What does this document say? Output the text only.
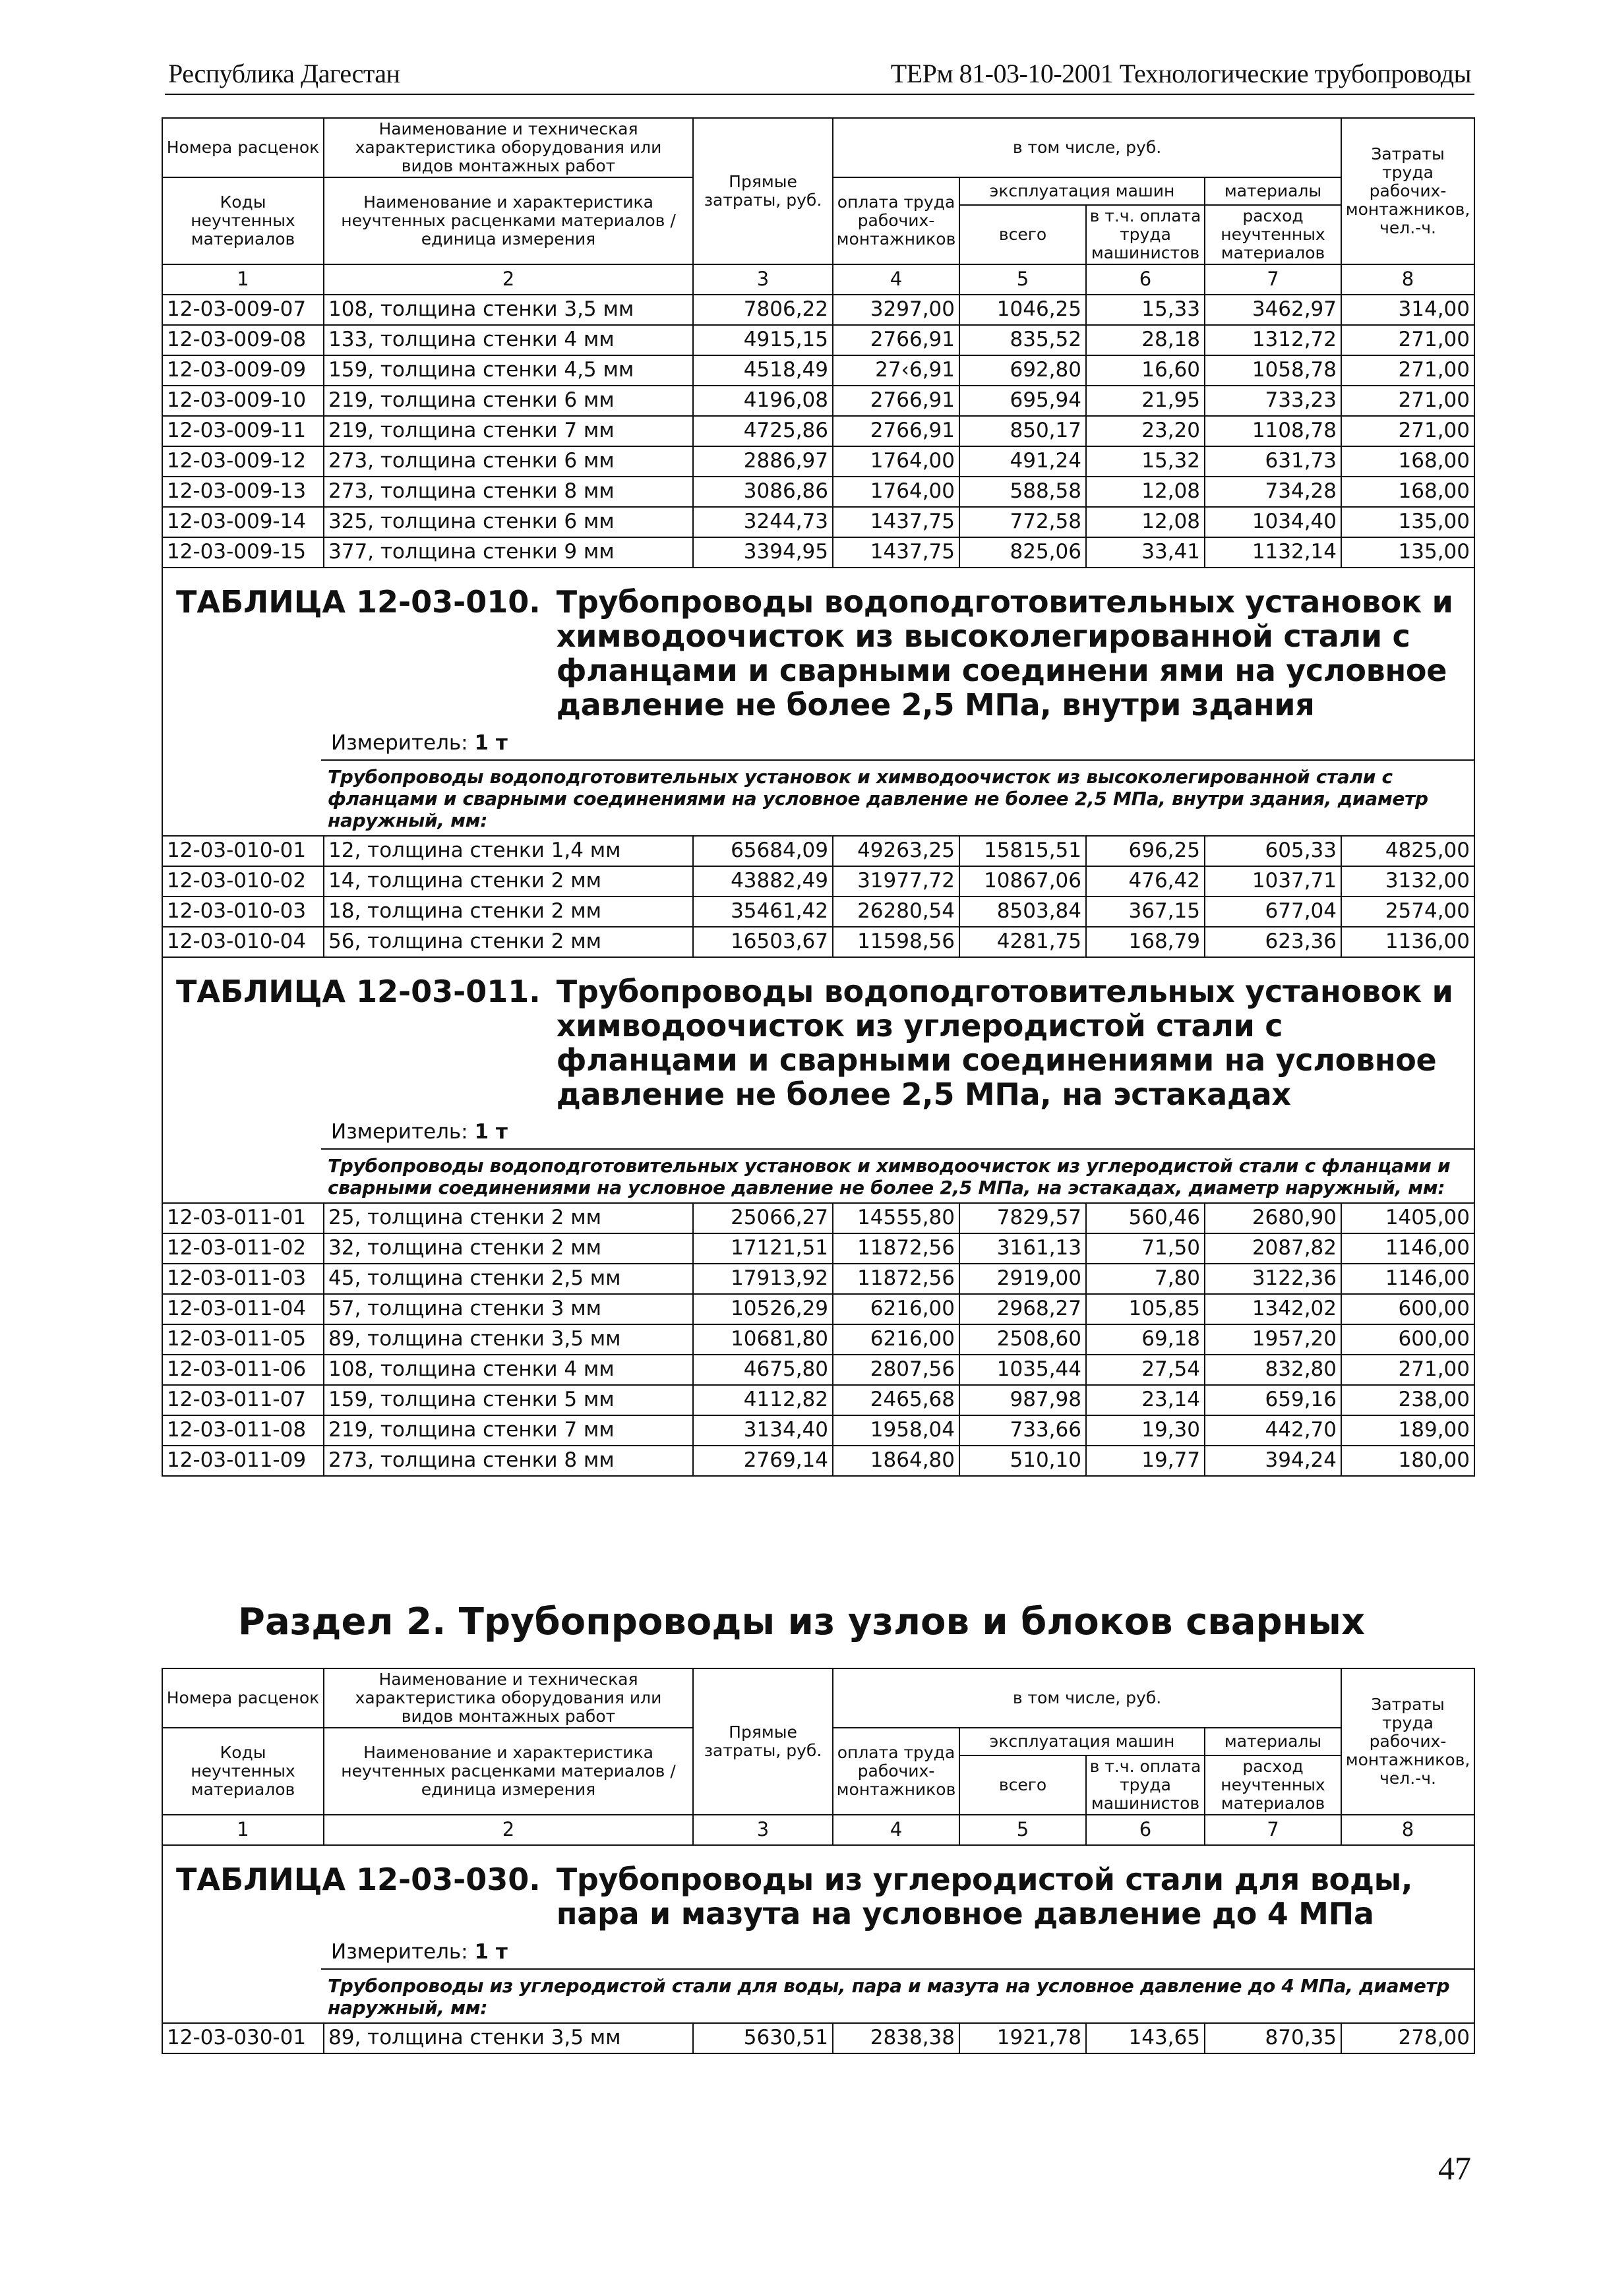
Республика Дагестан	ТЕРм 81-03-10-2001 Технологические трубопроводы
Номера расценок	Наименование и техническая характеристика оборудования или видов монтажных работ	Прямые затраты, руб.	в том числе, руб.				Затраты труда рабочих-монтажников, чел.-ч.
Коды неучтенных материалов	Наименование и характеристика неучтенных расценками материалов / единица измерения		оплата труда рабочих-монтажников	эксплуатация машин		материалы	
				всего	в т.ч. оплата труда машинистов	расход неучтенных материалов	
1	2	3	4	5	6	7	8
12-03-009-07	108, толщина стенки 3,5 мм	7806,22	3297,00	1046,25	15,33	3462,97	314,00
12-03-009-08	133, толщина стенки 4 мм	4915,15	2766,91	835,52	28,18	1312,72	271,00
12-03-009-09	159, толщина стенки 4,5 мм	4518,49	27‹6,91	692,80	16,60	1058,78	271,00
12-03-009-10	219, толщина стенки 6 мм	4196,08	2766,91	695,94	21,95	733,23	271,00
12-03-009-11	219, толщина стенки 7 мм	4725,86	2766,91	850,17	23,20	1108,78	271,00
12-03-009-12	273, толщина стенки 6 мм	2886,97	1764,00	491,24	15,32	631,73	168,00
12-03-009-13	273, толщина стенки 8 мм	3086,86	1764,00	588,58	12,08	734,28	168,00
12-03-009-14	325, толщина стенки 6 мм	3244,73	1437,75	772,58	12,08	1034,40	135,00
12-03-009-15	377, толщина стенки 9 мм	3394,95	1437,75	825,06	33,41	1132,14	135,00

ТАБЛИЦА 12-03-010. Трубопроводы водоподготовительных установок и химводоочисток из высоколегированной стали с фланцами и сварными соединени ями на условное давление не более 2,5 МПа, внутри здания
Измеритель: 1 т
Трубопроводы водоподготовительных установок и химводоочисток из высоколегированной стали с фланцами и сварными соединениями на условное давление не более 2,5 МПа, внутри здания, диаметр наружный, мм:							

12-03-010-01	12, толщина стенки 1,4 мм	65684,09	49263,25	15815,51	696,25	605,33	4825,00
12-03-010-02	14, толщина стенки 2 мм	43882,49	31977,72	10867,06	476,42	1037,71	3132,00
12-03-010-03	18, толщина стенки 2 мм	35461,42	26280,54	8503,84	367,15	677,04	2574,00
12-03-010-04	56, толщина стенки 2 мм	16503,67	11598,56	4281,75	168,79	623,36	1136,00

ТАБЛИЦА 12-03-011. Трубопроводы водоподготовительных установок и химводоочисток из углеродистой стали с фланцами и сварными соединениями на условное давление не более 2,5 МПа, на эстакадах
Измеритель: 1 т
Трубопроводы водоподготовительных установок и химводоочисток из углеродистой стали с фланцами и сварными соединениями на условное давление не более 2,5 МПа, на эстакадах, диаметр наружный, мм:							

12-03-011-01	25, толщина стенки 2 мм	25066,27	14555,80	7829,57	560,46	2680,90	1405,00
12-03-011-02	32, толщина стенки 2 мм	17121,51	11872,56	3161,13	71,50	2087,82	1146,00
12-03-011-03	45, толщина стенки 2,5 мм	17913,92	11872,56	2919,00	7,80	3122,36	1146,00
12-03-011-04	57, толщина стенки 3 мм	10526,29	6216,00	2968,27	105,85	1342,02	600,00
12-03-011-05	89, толщина стенки 3,5 мм	10681,80	6216,00	2508,60	69,18	1957,20	600,00
12-03-011-06	108, толщина стенки 4 мм	4675,80	2807,56	1035,44	27,54	832,80	271,00
12-03-011-07	159, толщина стенки 5 мм	4112,82	2465,68	987,98	23,14	659,16	238,00
12-03-011-08	219, толщина стенки 7 мм	3134,40	1958,04	733,66	19,30	442,70	189,00
12-03-011-09	273, толщина стенки 8 мм	2769,14	1864,80	510,10	19,77	394,24	180,00
Раздел 2. Трубопроводы из узлов и блоков сварных
Номера расценок	Наименование и техническая характеристика оборудования или видов монтажных работ	Прямые затраты, руб.	в том числе, руб.				Затраты труда рабочих-монтажников, чел.-ч.
Коды неучтенных материалов	Наименование и характеристика неучтенных расценками материалов / единица измерения		оплата труда рабочих-монтажников	эксплуатация машин		материалы	
				всего	в т.ч. оплата труда машинистов	расход неучтенных материалов	
1	2	3	4	5	6	7	8

ТАБЛИЦА 12-03-030. Трубопроводы из углеродистой стали для воды, пара и мазута на условное давление до 4 МПа
Измеритель: 1 т
Трубопроводы из углеродистой стали для воды, пара и мазута на условное давление до 4 МПа, диаметр наружный, мм:							

12-03-030-01	89, толщина стенки 3,5 мм	5630,51	2838,38	1921,78	143,65	870,35	278,00
47
